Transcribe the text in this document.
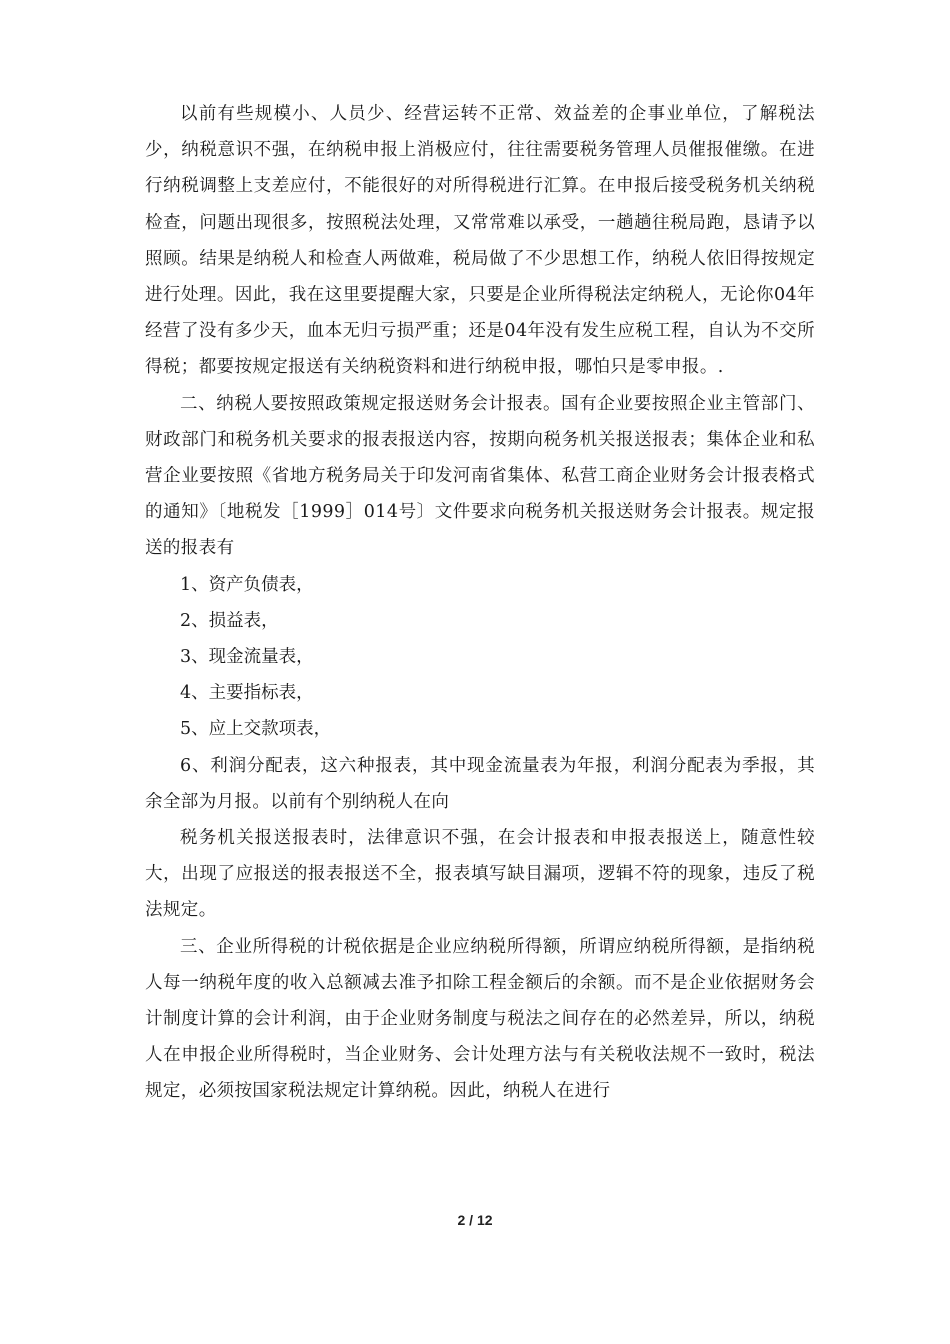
以前有些规模小、人员少、经营运转不正常、效益差的企事业单位，了解税法少，纳税意识不强，在纳税申报上消极应付，往往需要税务管理人员催报催缴。在进行纳税调整上支差应付，不能很好的对所得税进行汇算。在申报后接受税务机关纳税检查，问题出现很多，按照税法处理，又常常难以承受，一趟趟往税局跑，恳请予以照顾。结果是纳税人和检查人两做难，税局做了不少思想工作，纳税人依旧得按规定进行处理。因此，我在这里要提醒大家，只要是企业所得税法定纳税人，无论你04年经营了没有多少天，血本无归亏损严重；还是04年没有发生应税工程，自认为不交所得税；都要按规定报送有关纳税资料和进行纳税申报，哪怕只是零申报。.

二、纳税人要按照政策规定报送财务会计报表。国有企业要按照企业主管部门、财政部门和税务机关要求的报表报送内容，按期向税务机关报送报表；集体企业和私营企业要按照《省地方税务局关于印发河南省集体、私营工商企业财务会计报表格式的通知》〔地税发［1999］014号〕文件要求向税务机关报送财务会计报表。规定报送的报表有

1、资产负债表，

2、损益表，

3、现金流量表，

4、主要指标表，

5、应上交款项表，

6、利润分配表，这六种报表，其中现金流量表为年报，利润分配表为季报，其余全部为月报。以前有个别纳税人在向

税务机关报送报表时，法律意识不强，在会计报表和申报表报送上，随意性较大，出现了应报送的报表报送不全，报表填写缺目漏项，逻辑不符的现象，违反了税法规定。

三、企业所得税的计税依据是企业应纳税所得额，所谓应纳税所得额，是指纳税人每一纳税年度的收入总额减去准予扣除工程金额后的余额。而不是企业依据财务会计制度计算的会计利润，由于企业财务制度与税法之间存在的必然差异，所以，纳税人在申报企业所得税时，当企业财务、会计处理方法与有关税收法规不一致时，税法规定，必须按国家税法规定计算纳税。因此，纳税人在进行

2 / 12
